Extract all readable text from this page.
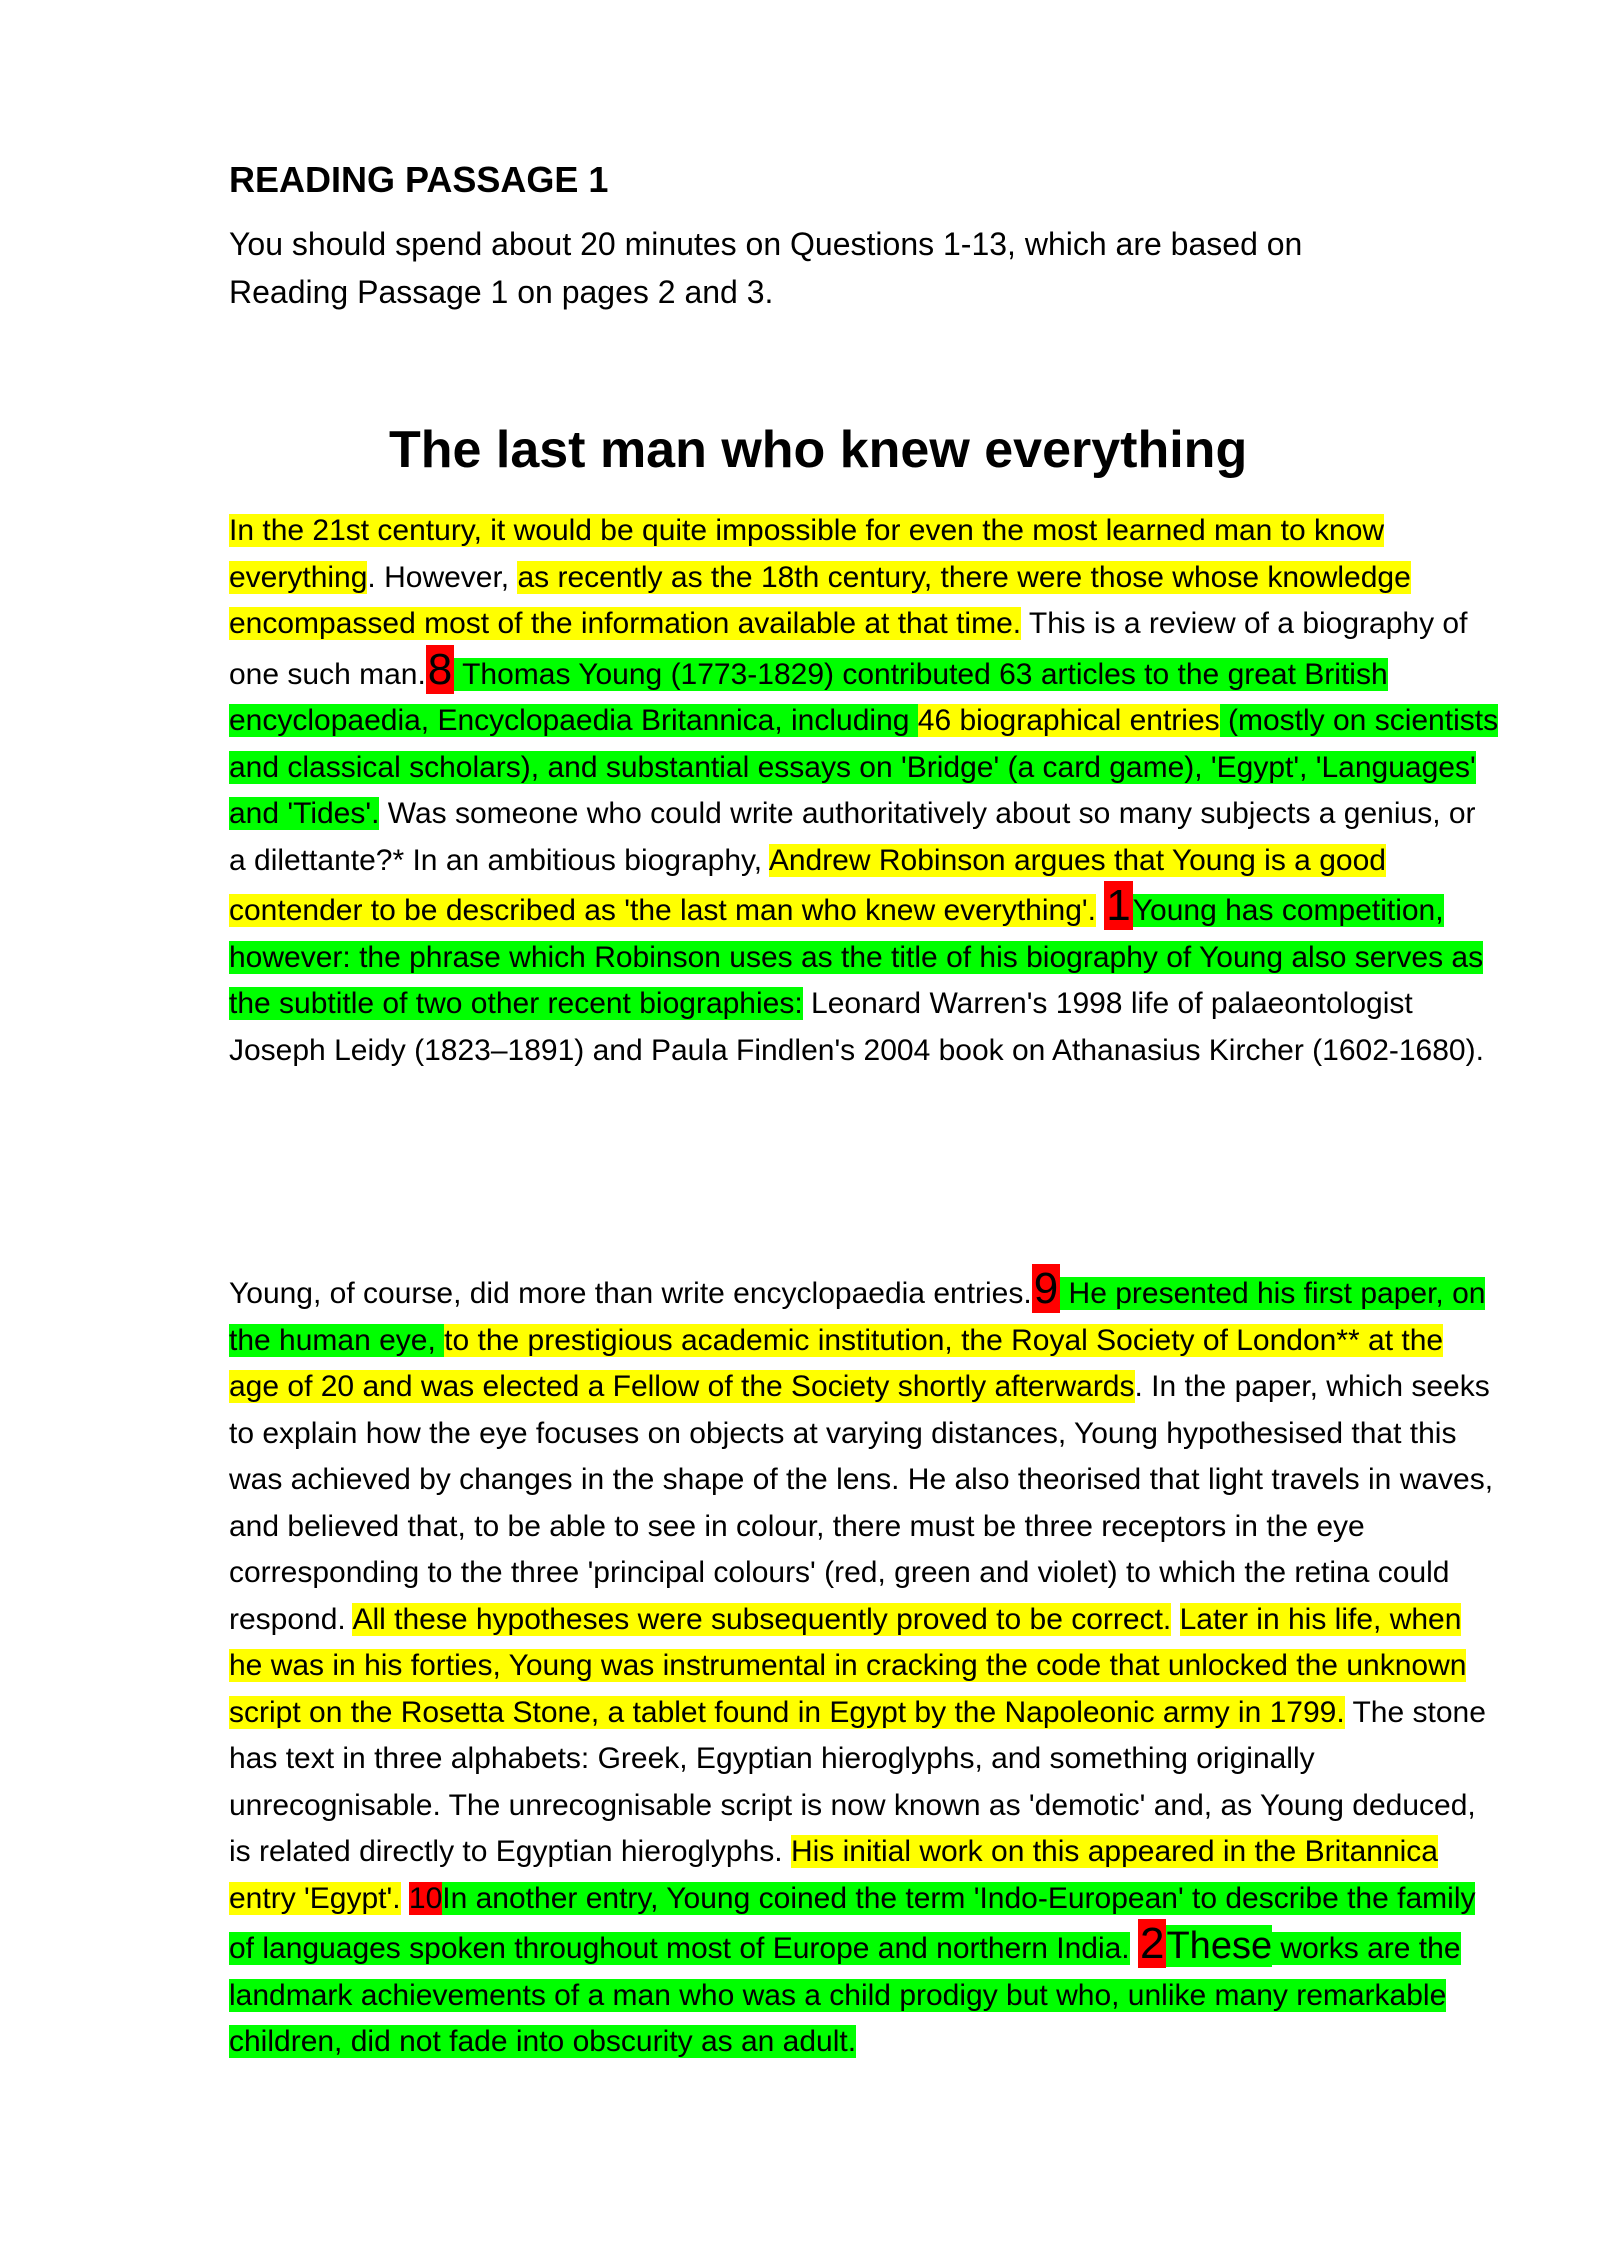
READING PASSAGE 1

You should spend about 20 minutes on Questions 1-13, which are based on Reading Passage 1 on pages 2 and 3.

The last man who knew everything

In the 21st century, it would be quite impossible for even the most learned man to know everything. However, as recently as the 18th century, there were those whose knowledge encompassed most of the information available at that time. This is a review of a biography of one such man.8 Thomas Young (1773-1829) contributed 63 articles to the great British encyclopaedia, Encyclopaedia Britannica, including 46 biographical entries (mostly on scientists and classical scholars), and substantial essays on 'Bridge' (a card game), 'Egypt', 'Languages' and 'Tides'. Was someone who could write authoritatively about so many subjects a genius, or a dilettante?* In an ambitious biography, Andrew Robinson argues that Young is a good contender to be described as 'the last man who knew everything'. 1Young has competition, however: the phrase which Robinson uses as the title of his biography of Young also serves as the subtitle of two other recent biographies: Leonard Warren's 1998 life of palaeontologist Joseph Leidy (1823–1891) and Paula Findlen's 2004 book on Athanasius Kircher (1602-1680).

Young, of course, did more than write encyclopaedia entries.9 He presented his first paper, on the human eye, to the prestigious academic institution, the Royal Society of London** at the age of 20 and was elected a Fellow of the Society shortly afterwards. In the paper, which seeks to explain how the eye focuses on objects at varying distances, Young hypothesised that this was achieved by changes in the shape of the lens. He also theorised that light travels in waves, and believed that, to be able to see in colour, there must be three receptors in the eye corresponding to the three 'principal colours' (red, green and violet) to which the retina could respond. All these hypotheses were subsequently proved to be correct. Later in his life, when he was in his forties, Young was instrumental in cracking the code that unlocked the unknown script on the Rosetta Stone, a tablet found in Egypt by the Napoleonic army in 1799. The stone has text in three alphabets: Greek, Egyptian hieroglyphs, and something originally unrecognisable. The unrecognisable script is now known as 'demotic' and, as Young deduced, is related directly to Egyptian hieroglyphs. His initial work on this appeared in the Britannica entry 'Egypt'. 10In another entry, Young coined the term 'Indo-European' to describe the family of languages spoken throughout most of Europe and northern India. 2These works are the landmark achievements of a man who was a child prodigy but who, unlike many remarkable children, did not fade into obscurity as an adult.
